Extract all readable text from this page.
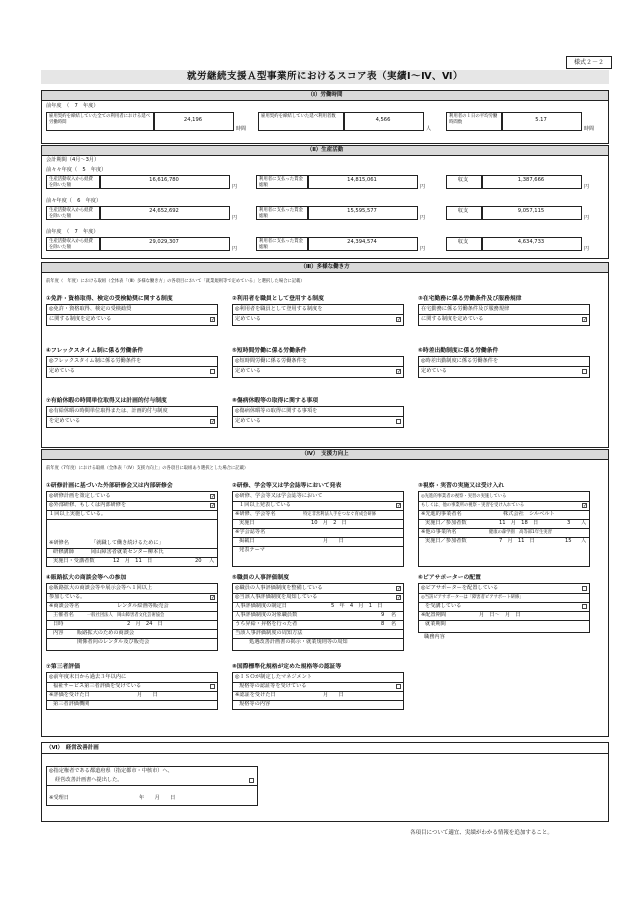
様式２－２
就労継続支援Ａ型事業所におけるスコア表（実績Ⅰ～Ⅳ、Ⅵ）
（Ⅰ）労働時間
前年度　（　7　年度）
雇用契約を締結していた全ての利用者における延べ労働時間	24,196
時間
雇用契約を締結していた延べ利用者数
4,566
人
利用者の１日の平均労働時間数	5.17
時間
（Ⅱ）生産活動
会計期間（4月～3月）
前々々年度（　5　年度）
生産活動収入から経費を除いた額
16,616,780
円
利用者に支払った賃金総額
14,815,061
円
収支	1,387,666
円
前々年度（　6　年度）
生産活動収入から経費を除いた額
24,652,692
円
利用者に支払った賃金総額
15,595,577
円
収支	9,057,115
円
前年度　（　7　年度）
生産活動収入から経費を除いた額
29,029,307
円
利用者に支払った賃金総額
24,394,574
円
収支	4,634,733
円
（Ⅲ）多様な働き方
前年度（　年度）における取組（全体表「（Ⅲ）多様な働き方」の各項目において「就業規則等で定めている」と選択した場合に記載）
①免許・資格取得、検定の受検勧奨に関する制度
◎免許・資格取得、検定の受検勧奨
に関する制度を定めている	✓
②利用者を職員として登用する制度
◎利用者を職員として登用する制度を
定めている	✓
③在宅勤務に係る労働条件及び服務規律
在宅勤務に係る労働条件及び服務規律
に関する制度を定めている	✓
④フレックスタイム制に係る労働条件
◎フレックスタイム制に係る労働条件を
定めている
⑤短時間労働に係る労働条件
◎短時間労働に係る労働条件を
定めている	✓
⑥時差出勤制度に係る労働条件
◎時差出勤制度に係る労働条件を
定めている
⑦有給休暇の時間単位取得又は計画的付与制度
◎有給休暇の時間単位取得または、計画的付与制度
を定めている	✓
⑧傷病休暇等の取得に関する事項
◎傷病休暇等の取得に関する事項を
定めている
（Ⅳ）　支援力向上
前年度（7年度）における取組（全体表「（Ⅳ）支援力向上」の各項目に取組あり選択とした場合に記載）
①研修計画に基づいた外部研修会又は内部研修会
◎研修計画を策定している	✓
◎外部研修、もしくは内部研修を	✓
１回以上実施している。
※研修名	「就職して働き続けるために」
研修講師	岡山障害者就業センター柳本氏
実施日・受講者数	12　月　11　日	20 人
②研修、学会等又は学会誌等において発表
◎研修、学会等又は学会誌等において
１回以上発表している	✓
※研修、学会等名	特定非営利法人手をつなぐ育成会研修
実施日	10　月　2　日
※学会誌等名
掲載日	月　　日
発表テーマ
③視察・実習の実施又は受け入れ
◎先進的事業者の視察・実習の実施している
もしくは、他の事業所の視察・実習を受け入れている	✓
※先進的事業者名	株式会社　シルベルト
実施日／参加者数	11　月　18　日	3 人
※他の事業所名	健康の森学園　高等部1年生実習
実施日／参加者数	7　月　11　日	15 人
④販路拡大の商談会等への参加
◎販路拡大の商談会等や展示会等へ１回以上
参加している。	✓
※商談会等名	レンタル絵画等販売会
主催者名	一般社団法人　岡山障害者文化芸術協会
日時	2　月　24　日
内容	販路拡大のための商談会
関係者向のレンタル及び販売会
⑤職員の人事評価制度
◎職員の人事評価制度を整備している	✓
◎当該人事評価制度を周知している	✓
人事評価制度の制定日	5　年　4　月　1　日
人事評価制度の対象職員数	9 名
うち昇給・昇格を行った者	8 名
当該人事評価制度の周知方法
処遇改善計画書の掲示・就業規則等の周知
⑥ピアサポーターの配置
◎ピアサポーターを配置している
◎当該ピアサポーターは「障害者ピアサポート研修」
を受講している
※配置期間	月　日～　月　日
就業期間
職務内容
⑦第三者評価
◎前年度末日から過去３年以内に
福祉サービス第三者評価を受けている
※評価を受けた日	月　　日
第三者評価機関
⑧国際標準化規格が定めた規格等の認証等
◎ＩＳＯが制定したマネジメント
規格等の認証等を受けている
※認証を受けた日	月　　日
規格等の内容
（Ⅵ）　経営改善計画
◎指定権者である都道府県（指定都市・中核市）へ、
経営改善計画書へ提出した。
※受理日	年　　月　　日
各項目について適宜、実績がわかる情報を追加すること。
